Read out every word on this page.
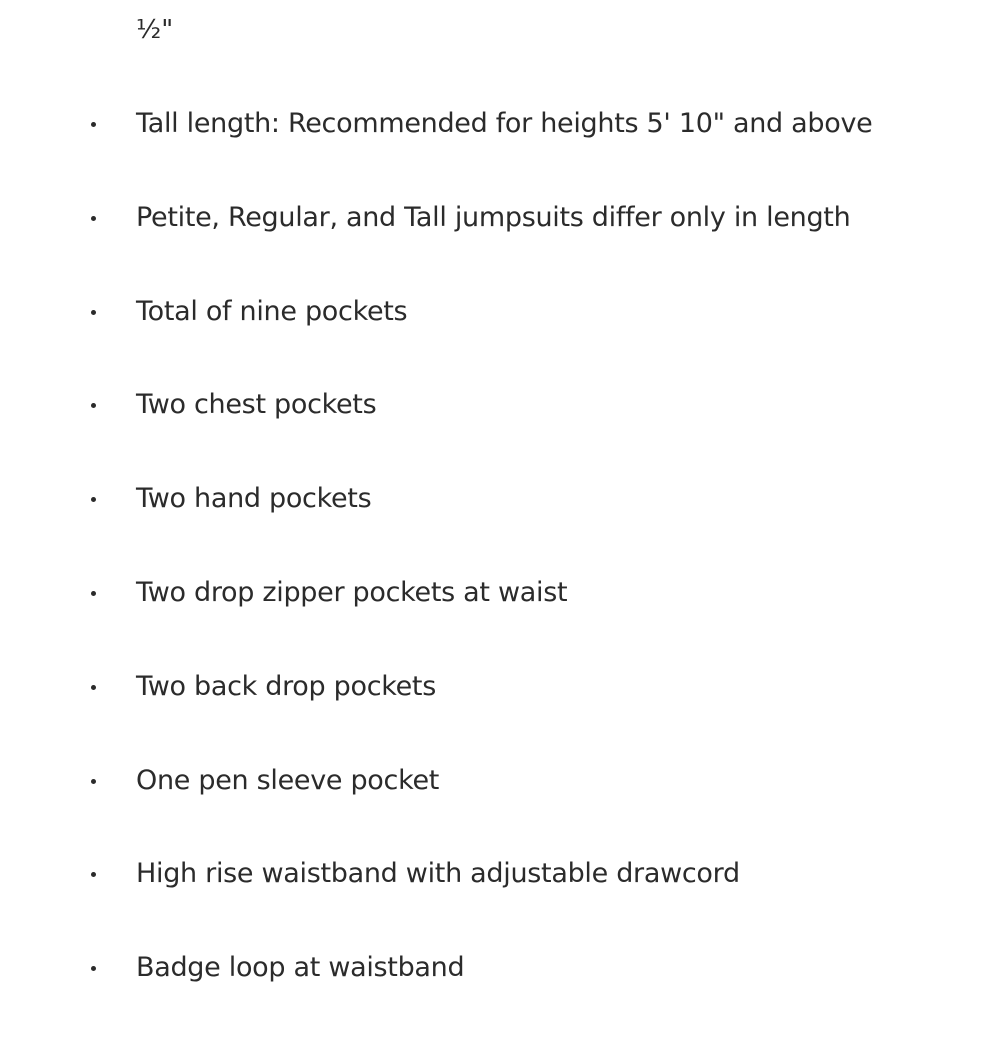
½"
Tall length: Recommended for heights 5' 10" and above
Petite, Regular, and Tall jumpsuits differ only in length
Total of nine pockets
Two chest pockets
Two hand pockets
Two drop zipper pockets at waist
Two back drop pockets
One pen sleeve pocket
High rise waistband with adjustable drawcord
Badge loop at waistband
